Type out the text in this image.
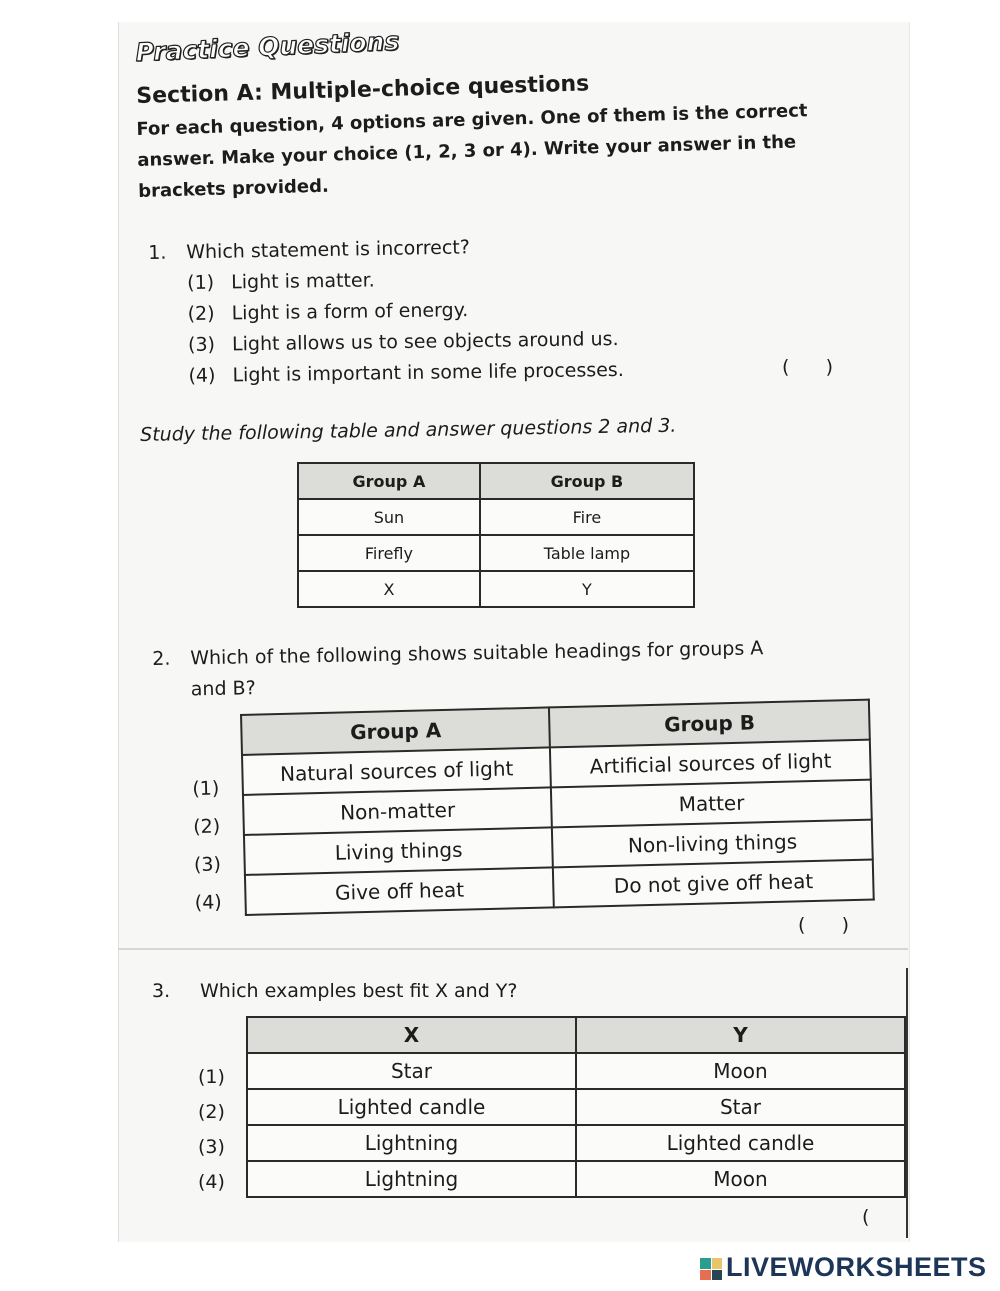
Practice Questions
Section A: Multiple-choice questions
For each question, 4 options are given. One of them is the correct answer. Make your choice (1, 2, 3 or 4). Write your answer in the brackets provided.
1. Which statement is incorrect?
(1) Light is matter.
(2) Light is a form of energy.
(3) Light allows us to see objects around us.
(4) Light is important in some life processes.	(      )
Study the following table and answer questions 2 and 3.
Group A	Group B
Sun	Fire
Firefly	Table lamp
X	Y
2. Which of the following shows suitable headings for groups A
and B?
(1)
(2)
(3)
(4)
Group A	Group B
Natural sources of light	Artificial sources of light
Non-matter	Matter
Living things	Non-living things
Give off heat	Do not give off heat
(      )
3. Which examples best fit X and Y?
(1)
(2)
(3)
(4)
X	Y
Star	Moon
Lighted candle	Star
Lightning	Lighted candle
Lightning	Moon
(
LIVEWORKSHEETS
